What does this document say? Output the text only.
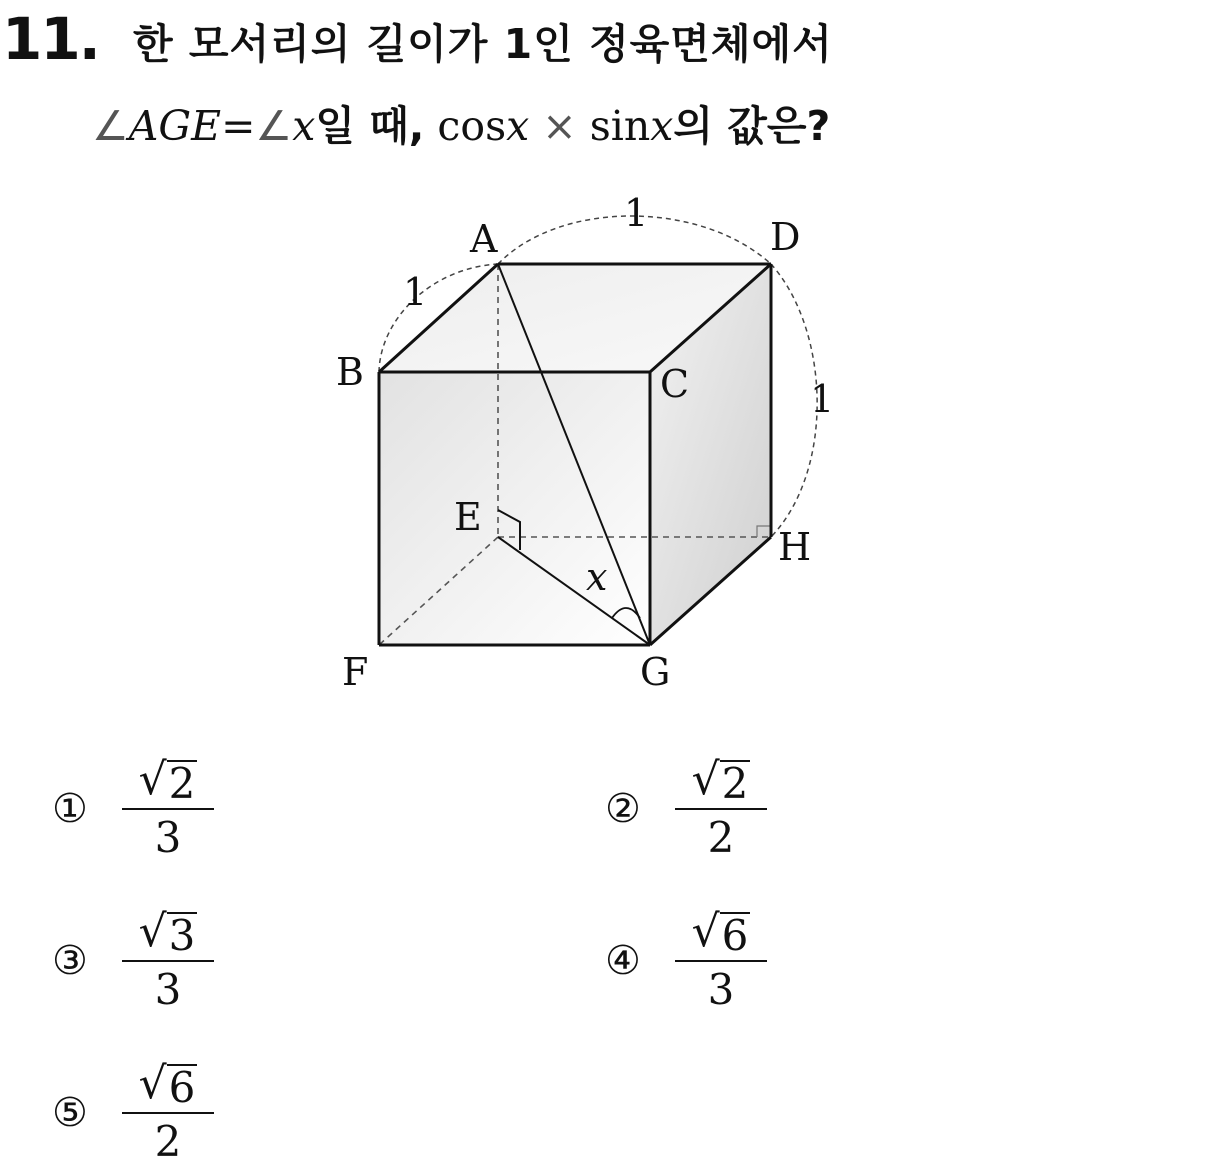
11. 한 모서리의 길이가 1인 정육면체에서
∠AGE=∠x일 때, cosx × sinx의 값은?
A
B	C
D
E
F	G
H
1
1
1
x
① $\frac{√ 2}{3}$	② $\frac{√ 2}{2}$
③ $\frac{√ 3}{3}$	④ $\frac{√ 6}{3}$
⑤ $\frac{√ 6}{2}$
